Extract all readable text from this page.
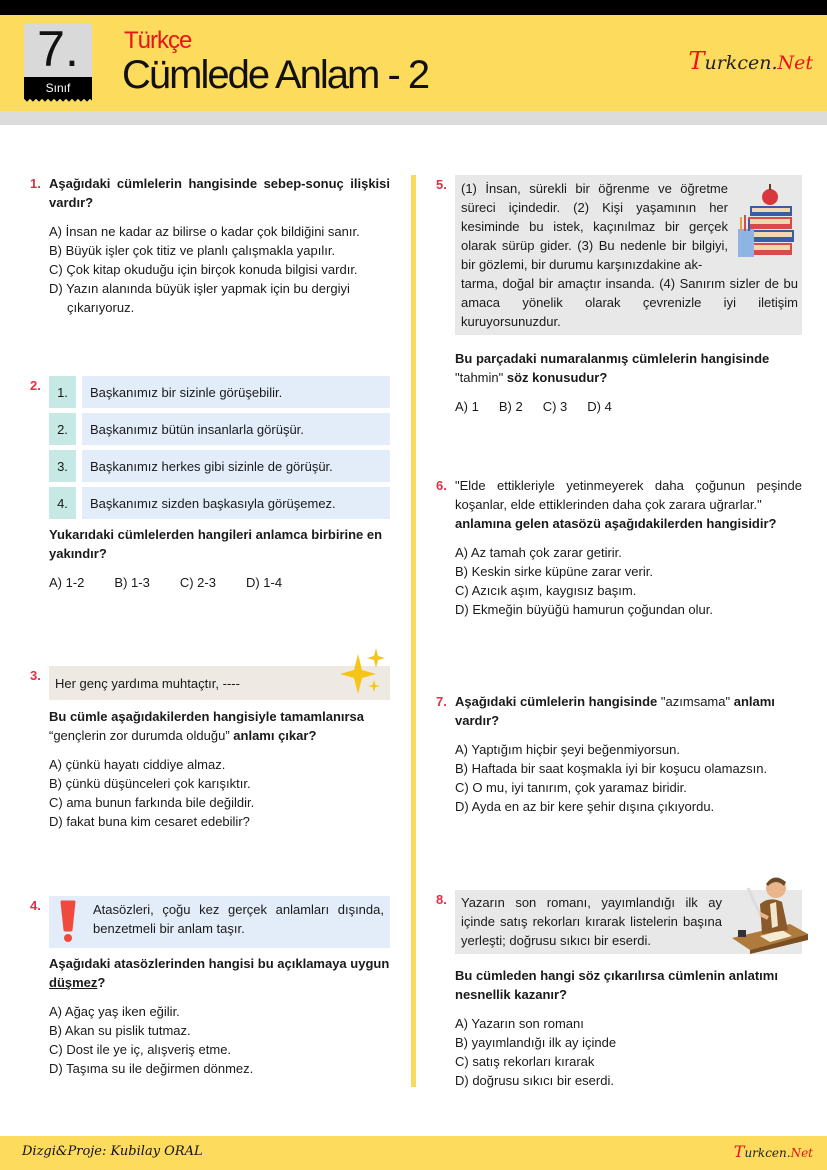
7.
Sınıf
Türkçe
Cümlede Anlam - 2	Turkcen.Net
1. Aşağıdaki cümlelerin hangisinde sebep-sonuç ilişkisi vardır?
A) İnsan ne kadar az bilirse o kadar çok bildiğini sanır.
B) Büyük işler çok titiz ve planlı çalışmakla yapılır.
C) Çok kitap okuduğu için birçok konuda bilgisi vardır.
D) Yazın alanında büyük işler yapmak için bu dergiyi çıkarıyoruz.
2.	1.	Başkanımız bir sizinle görüşebilir.
2.	Başkanımız bütün insanlarla görüşür.
3.	Başkanımız herkes gibi sizinle de görüşür.
4.	Başkanımız sizden başkasıyla görüşemez.
Yukarıdaki cümlelerden hangileri anlamca birbirine en yakındır?
A) 1-2 B) 1-3 C) 2-3 D) 1-4
3.
Her genç yardıma muhtaçtır, ----
Bu cümle aşağıdakilerden hangisiyle tamamlanırsa “gençlerin zor durumda olduğu” anlamı çıkar?
A) çünkü hayatı ciddiye almaz.
B) çünkü düşünceleri çok karışıktır.
C) ama bunun farkında bile değildir.
D) fakat buna kim cesaret edebilir?
4.	Atasözleri, çoğu kez gerçek anlamları dışında, benzetmeli bir anlam taşır.
Aşağıdaki atasözlerinden hangisi bu açıklamaya uygun düşmez?
A) Ağaç yaş iken eğilir.
B) Akan su pislik tutmaz.
C) Dost ile ye iç, alışveriş etme.
D) Taşıma su ile değirmen dönmez.
5. (1) İnsan, sürekli bir öğrenme ve öğretme süreci içindedir. (2) Kişi yaşamının her kesiminde bu istek, kaçınılmaz bir gerçek olarak sürüp gider. (3) Bu nedenle bir bilgiyi, bir gözlemi, bir durumu karşınızdakine ak-
tarma, doğal bir amaçtır insanda. (4) Sanırım sizler de bu amaca yönelik olarak çevrenizle iyi iletişim kuruyorsunuzdur.
Bu parçadaki numaralanmış cümlelerin hangisinde "tahmin" söz konusudur?
A) 1 B) 2 C) 3 D) 4
6. "Elde ettikleriyle yetinmeyerek daha çoğunun peşinde koşanlar, elde ettiklerinden daha çok zarara uğrarlar."
anlamına gelen atasözü aşağıdakilerden hangisidir?
A) Az tamah çok zarar getirir.
B) Keskin sirke küpüne zarar verir.
C) Azıcık aşım, kaygısız başım.
D) Ekmeğin büyüğü hamurun çoğundan olur.
7. Aşağıdaki cümlelerin hangisinde "azımsama" anlamı vardır?
A) Yaptığım hiçbir şeyi beğenmiyorsun.
B) Haftada bir saat koşmakla iyi bir koşucu olamazsın.
C) O mu, iyi tanırım, çok yaramaz biridir.
D) Ayda en az bir kere şehir dışına çıkıyordu.
8. Yazarın son romanı, yayımlandığı ilk ay içinde satış rekorları kırarak listelerin başına yerleşti; doğrusu sıkıcı bir eserdi.
Bu cümleden hangi söz çıkarılırsa cümlenin anlatımı nesnellik kazanır?
A) Yazarın son romanı
B) yayımlandığı ilk ay içinde
C) satış rekorları kırarak
D) doğrusu sıkıcı bir eserdi.
Dizgi&Proje: Kubilay ORAL	Turkcen.Net
